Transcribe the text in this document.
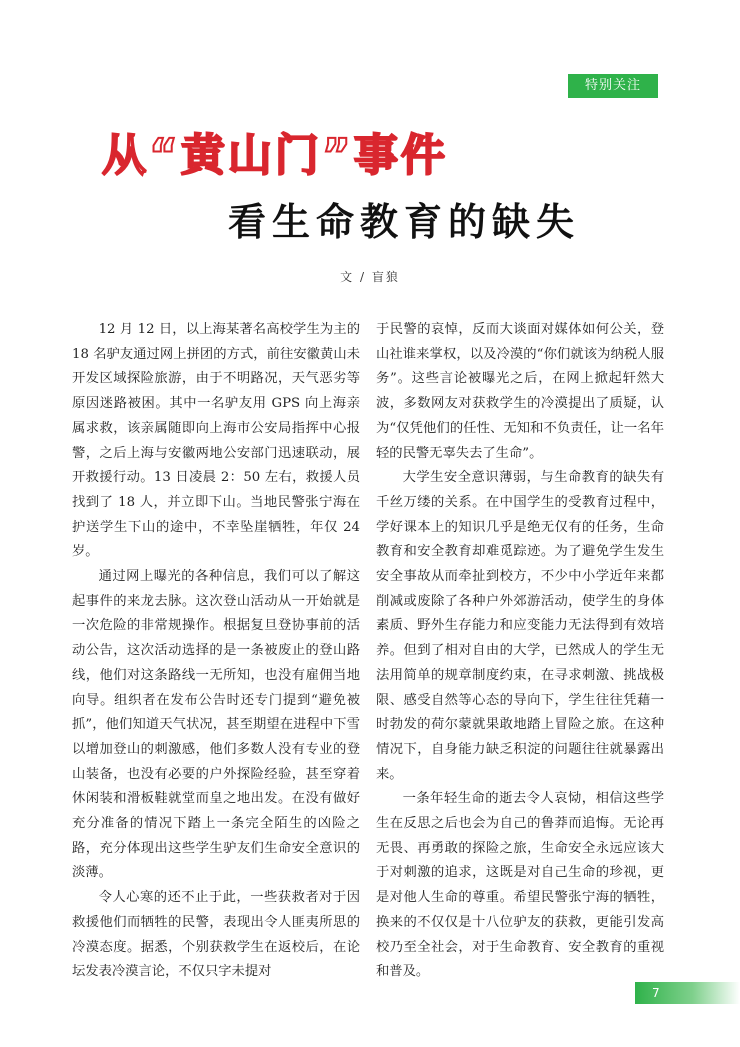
特别关注
从“黄山门”事件
看生命教育的缺失
文 / 盲狼

12 月 12 日，以上海某著名高校学生为主的 18 名驴友通过网上拼团的方式，前往安徽黄山未开发区域探险旅游，由于不明路况，天气恶劣等原因迷路被困。其中一名驴友用 GPS 向上海亲属求救，该亲属随即向上海市公安局指挥中心报警，之后上海与安徽两地公安部门迅速联动，展开救援行动。13 日凌晨 2：50 左右，救援人员找到了 18 人，并立即下山。当地民警张宁海在护送学生下山的途中，不幸坠崖牺牲，年仅 24 岁。

通过网上曝光的各种信息，我们可以了解这起事件的来龙去脉。这次登山活动从一开始就是一次危险的非常规操作。根据复旦登协事前的活动公告，这次活动选择的是一条被废止的登山路线，他们对这条路线一无所知，也没有雇佣当地向导。组织者在发布公告时还专门提到“避免被抓”，他们知道天气状况，甚至期望在进程中下雪以增加登山的刺激感，他们多数人没有专业的登山装备，也没有必要的户外探险经验，甚至穿着休闲装和滑板鞋就堂而皇之地出发。在没有做好充分准备的情况下踏上一条完全陌生的凶险之路，充分体现出这些学生驴友们生命安全意识的淡薄。

令人心寒的还不止于此，一些获救者对于因救援他们而牺牲的民警，表现出令人匪夷所思的冷漠态度。据悉，个别获救学生在返校后，在论坛发表冷漠言论，不仅只字未提对

于民警的哀悼，反而大谈面对媒体如何公关，登山社谁来掌权，以及冷漠的“你们就该为纳税人服务”。这些言论被曝光之后，在网上掀起轩然大波，多数网友对获救学生的冷漠提出了质疑，认为“仅凭他们的任性、无知和不负责任，让一名年轻的民警无辜失去了生命”。

大学生安全意识薄弱，与生命教育的缺失有千丝万缕的关系。在中国学生的受教育过程中，学好课本上的知识几乎是绝无仅有的任务，生命教育和安全教育却难觅踪迹。为了避免学生发生安全事故从而牵扯到校方，不少中小学近年来都削减或废除了各种户外郊游活动，使学生的身体素质、野外生存能力和应变能力无法得到有效培养。但到了相对自由的大学，已然成人的学生无法用简单的规章制度约束，在寻求刺激、挑战极限、感受自然等心态的导向下，学生往往凭藉一时勃发的荷尔蒙就果敢地踏上冒险之旅。在这种情况下，自身能力缺乏积淀的问题往往就暴露出来。

一条年轻生命的逝去令人哀恸，相信这些学生在反思之后也会为自己的鲁莽而追悔。无论再无畏、再勇敢的探险之旅，生命安全永远应该大于对刺激的追求，这既是对自己生命的珍视，更是对他人生命的尊重。希望民警张宁海的牺牲，换来的不仅仅是十八位驴友的获救，更能引发高校乃至全社会，对于生命教育、安全教育的重视和普及。

7
